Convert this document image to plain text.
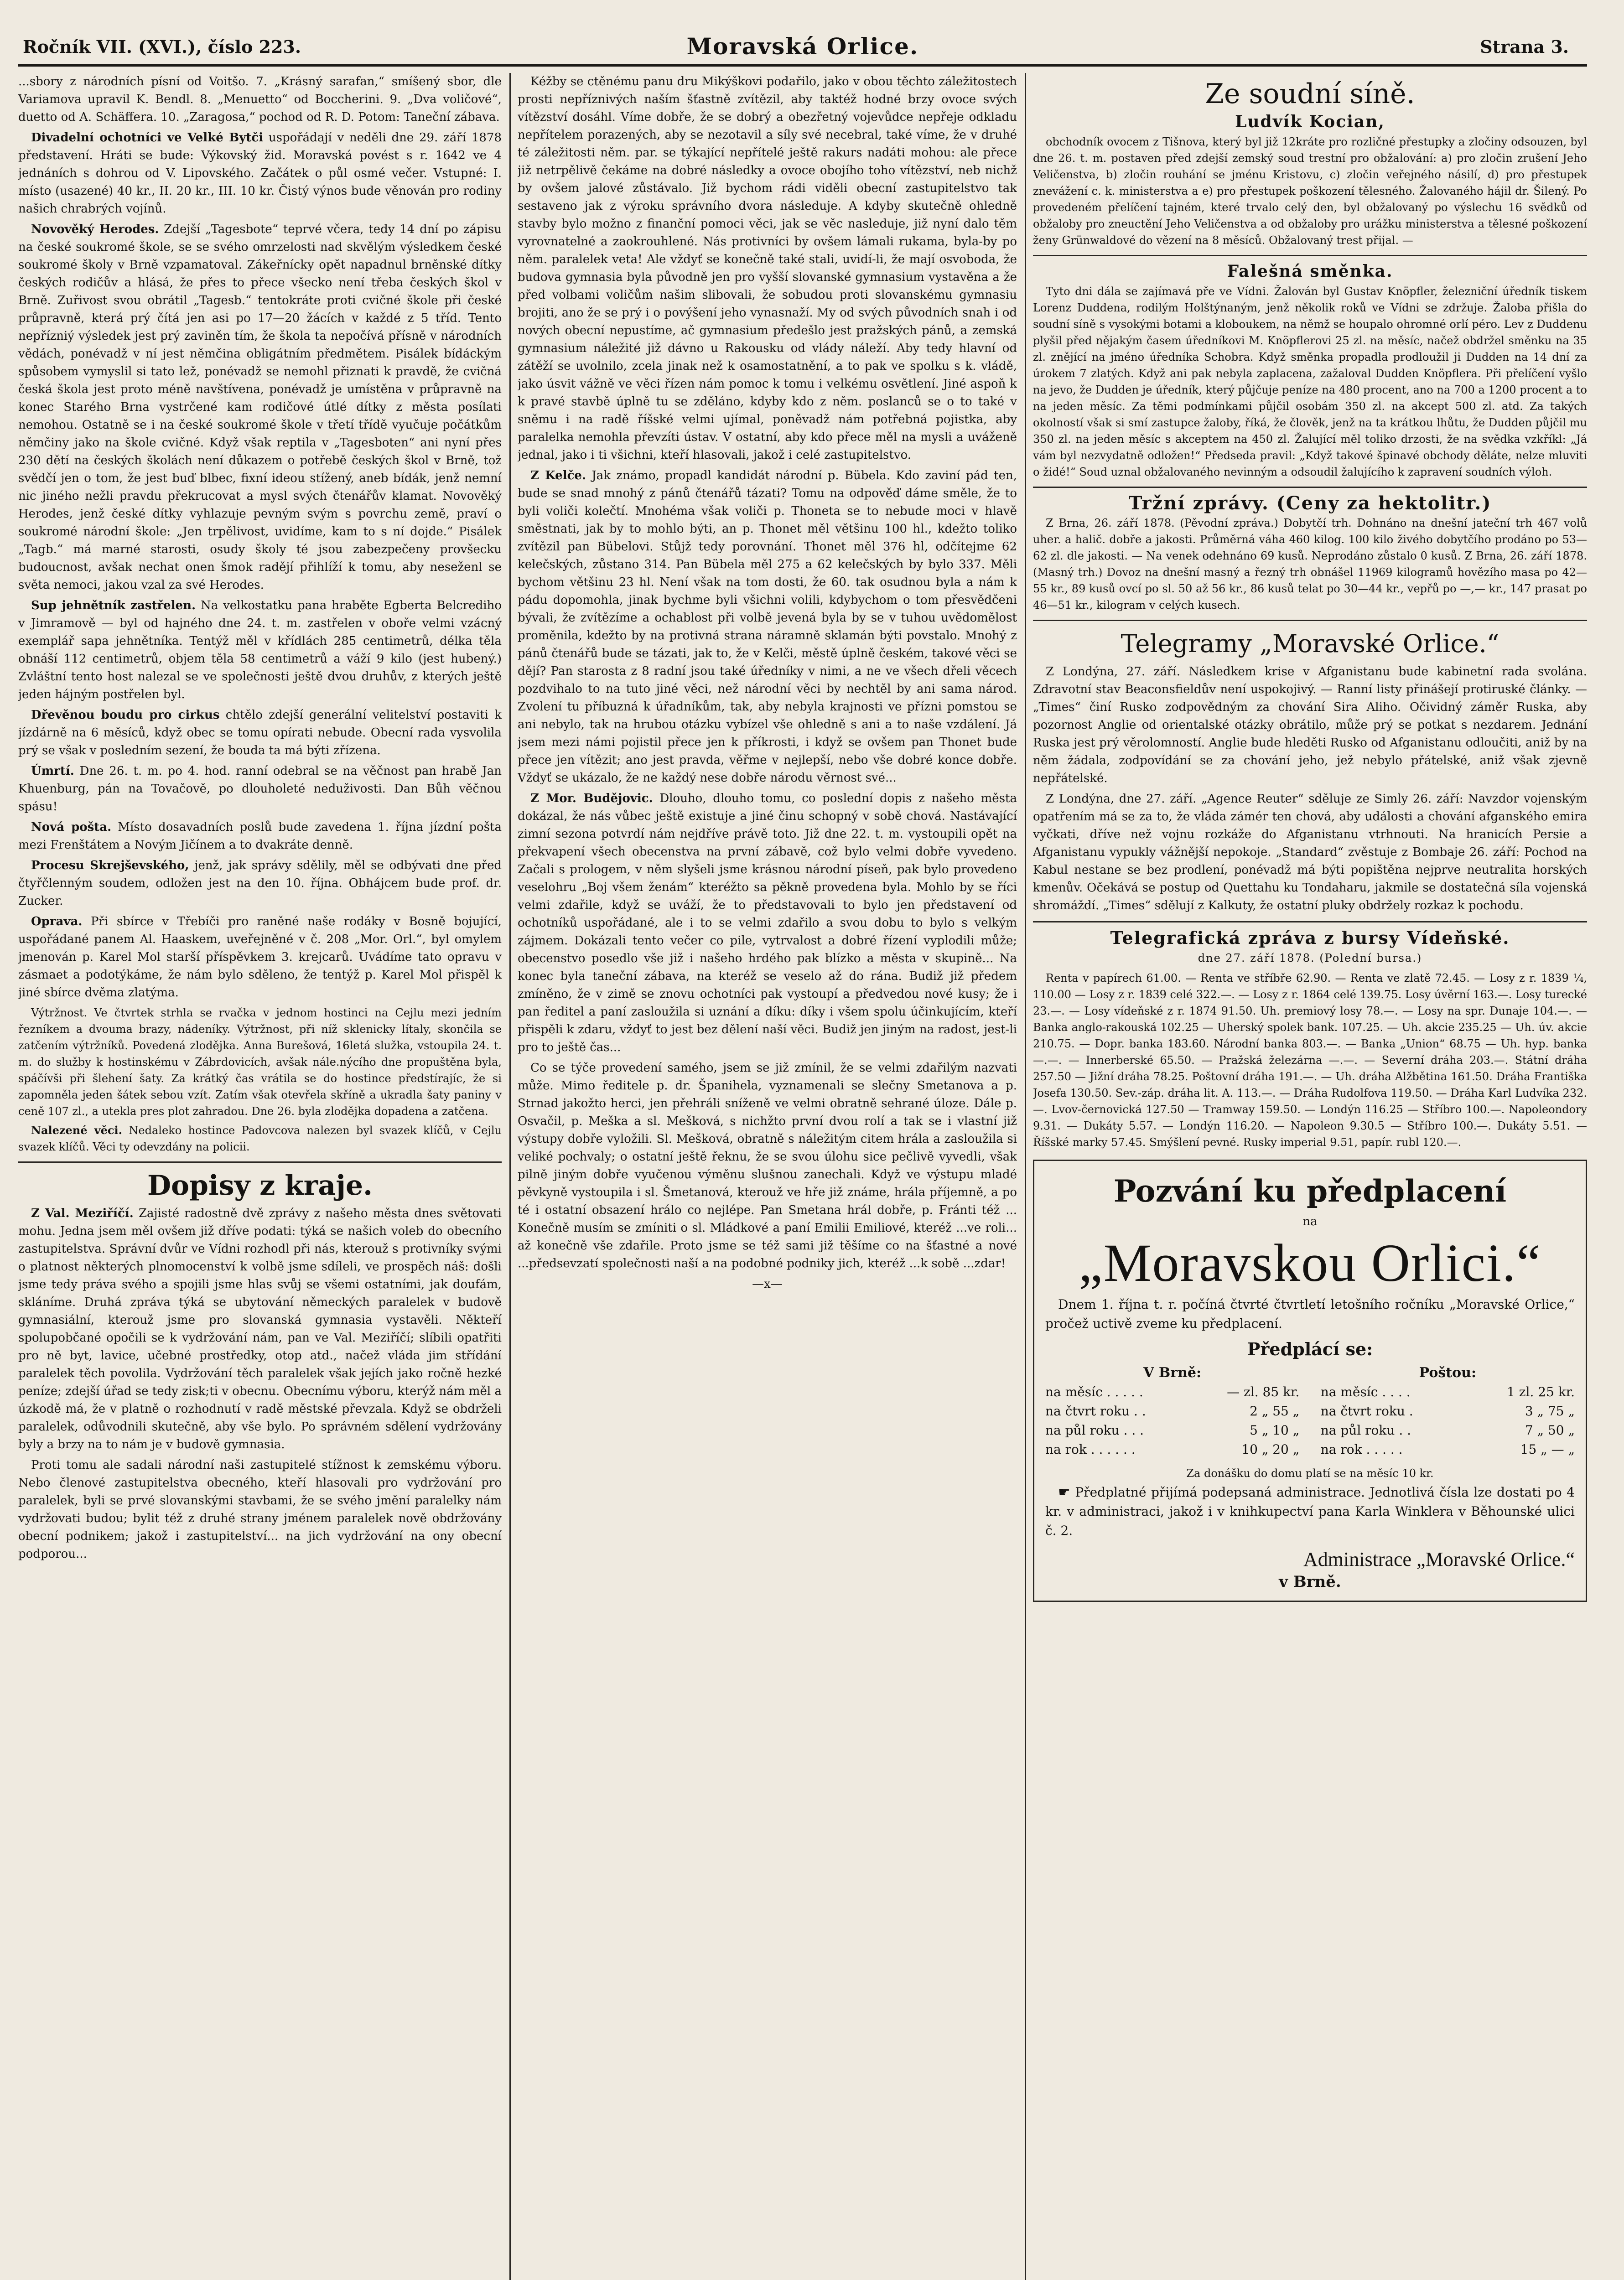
Ročník VII. (XVI.), číslo 223.	Moravská Orlice.	Strana 3.

...sbory z národních písní od Voitšo. 7. „Krásný sarafan,“ smíšený sbor, dle Variamova upravil K. Bendl. 8. „Menuetto“ od Boccherini. 9. „Dva voličové“, duetto od A. Schäffera. 10. „Zaragosa,“ pochod od R. D. Potom: Taneční zábava.

Divadelní ochotníci ve Velké Bytči uspořádají v neděli dne 29. září 1878 představení. Hráti se bude: Výkovský žid. Moravská povést s r. 1642 ve 4 jednáních s dohrou od V. Lipovského. Začátek o půl osmé večer. Vstupné: I. místo (usazené) 40 kr., II. 20 kr., III. 10 kr. Čistý výnos bude věnován pro rodiny našich chrabrých vojínů.

Novověký Herodes. Zdejší „Tagesbote“ teprvé včera, tedy 14 dní po zápisu na české soukromé škole, se se svého omrzelosti nad skvělým výsledkem české soukromé školy v Brně vzpamatoval. Zákeřnícky opět napadnul brněnské dítky českých rodičův a hlásá, že přes to přece všecko není třeba českých škol v Brně. Zuřivost svou obrátil „Tagesb.“ tentokráte proti cvičné škole při české průpravně, která prý čítá jen asi po 17—20 žácích v každé z 5 tříd. Tento nepřízniý výsledek jest prý zaviněn tím, že škola ta nepočívá přísně v národních vědách, ponévadž v ní jest němčina obligátním předmětem. Pisálek bídáckým spůsobem vymyslil si tato lež, ponévadž se nemohl přiznati k pravdě, že cvičná česká škola jest proto méně navštívena, ponévadž je umístěna v průpravně na konec Starého Brna vystrčené kam rodičové útlé dítky z města posílati nemohou. Ostatně se i na české soukromé škole v třetí třídě vyučuje počátkům němčiny jako na škole cvičné. Když však reptila v „Tagesboten“ ani nyní přes 230 dětí na českých školách není důkazem o potřebě českých škol v Brně, tož svědčí jen o tom, že jest buď blbec, fixní ideou stížený, aneb bídák, jenž nemní nic jiného nežli pravdu překrucovat a mysl svých čtenářův klamat. Novověký Herodes, jenž české dítky vyhlazuje pevným svým s povrchu země, praví o soukromé národní škole: „Jen trpělivost, uvidíme, kam to s ní dojde.“ Pisálek „Tagb.“ má marné starosti, osudy školy té jsou zabezpečeny provšecku budoucnost, avšak nechat onen šmok radějí přihlíží k tomu, aby neseženl se světa nemoci, jakou vzal za své Herodes.

Sup jehnětník zastřelen. Na velkostatku pana hraběte Egberta Belcrediho v Jimramově — byl od hajného dne 24. t. m. zastřelen v oboře velmi vzácný exemplář sapa jehnětníka. Tentýž měl v křídlách 285 centimetrů, délka těla obnáší 112 centimetrů, objem těla 58 centimetrů a váží 9 kilo (jest hubený.) Zvláštní tento host nalezal se ve společnosti ještě dvou druhův, z kterých ještě jeden hájným postřelen byl.

Dřevěnou boudu pro cirkus chtělo zdejší generální velitelství postaviti k jízdárně na 6 měsíců, když obec se tomu opírati nebude. Obecní rada vysvolila prý se však v posledním sezení, že bouda ta má býti zřízena.

Úmrtí. Dne 26. t. m. po 4. hod. ranní odebral se na věčnost pan hrabě Jan Khuenburg, pán na Tovačově, po dlouholeté neduživosti. Dan Bůh věčnou spásu!

Nová pošta. Místo dosavadních poslů bude zavedena 1. října jízdní pošta mezi Frenštátem a Novým Jičínem a to dvakráte denně.

Procesu Skrejševského, jenž, jak správy sdělily, měl se odbývati dne před čtyřčlenným soudem, odložen jest na den 10. října. Obhájcem bude prof. dr. Zucker.

Oprava. Při sbírce v Třebíči pro raněné naše rodáky v Bosně bojující, uspořádané panem Al. Haaskem, uveřejněné v č. 208 „Mor. Orl.“, byl omylem jmenován p. Karel Mol starší příspěvkem 3. krejcarů. Uvádíme tato opravu v zásmaet a podotýkáme, že nám bylo sděleno, že tentýž p. Karel Mol přispěl k jiné sbírce dvěma zlatýma.

Výtržnost. Ve čtvrtek strhla se rvačka v jednom hostinci na Cejlu mezi jedním řezníkem a dvouma brazy, nádeníky. Výtržnost, při níž sklenicky lítaly, skončila se zatčením výtržníků. Povedená zlodějka. Anna Burešová, 16letá služka, vstoupila 24. t. m. do služby k hostinskému v Zábrdovicích, avšak nále.nýcího dne propuštěna byla, spáčívši při šlehení šaty. Za krátký čas vrátila se do hostince předstírajíc, že si zapomněla jeden šátek sebou vzít. Zatím však otevřela skříně a ukradla šaty paniny v ceně 107 zl., a utekla pres plot zahradou. Dne 26. byla zlodějka dopadena a zatčena.

Nalezené věci. Nedaleko hostince Padovcova nalezen byl svazek klíčů, v Cejlu svazek klíčů. Věci ty odevzdány na policii.

Dopisy z kraje.

Z Val. Meziříčí. Zajisté radostně dvě zprávy z našeho města dnes světovati mohu. Jedna jsem měl ovšem již dříve podati: týká se našich voleb do obecního zastupitelstva. Správní dvůr ve Vídni rozhodl při nás, kterouž s protivníky svými o platnost některých plnomocenství k volbě jsme sdíleli, ve prospěch náš: došli jsme tedy práva svého a spojili jsme hlas svůj se všemi ostatními, jak doufám, skláníme. Druhá zpráva týká se ubytování německých paralelek v budově gymnasiální, kterouž jsme pro slovanská gymnasia vystavěli. Někteří spolupobčané opočili se k vydržování nám, pan ve Val. Meziříčí; slíbili opatřiti pro ně byt, lavice, učebné prostředky, otop atd., načež vláda jim střídání paralelek těch povolila. Vydržování těch paralelek však jejích jako ročně hezké peníze; zdejší úřad se tedy zisk;ti v obecnu. Obecnímu výboru, kterýž nám měl a úzkodě má, že v platně o rozhodnutí v radě městské převzala. Když se obdrželi paralelek, odůvodnili skutečně, aby vše bylo. Po správném sdělení vydržovány byly a brzy na to nám je v budově gymnasia.

Proti tomu ale sadali národní naši zastupitelé stížnost k zemskému výboru. Nebo členové zastupitelstva obecného, kteří hlasovali pro vydržování pro paralelek, byli se prvé slovanskými stavbami, že se svého jmění paralelky nám vydržovati budou; bylit též z druhé strany jménem paralelek nově obdržovány obecní podnikem; jakož i zastupitelství... na jich vydržování na ony obecní podporou...

Kéžby se ctěnému panu dru Mikýškovi podařilo, jako v obou těchto záležitostech prosti nepříznivých naším šťastně zvítězil, aby taktéž hodné brzy ovoce svých vítězství dosáhl. Víme dobře, že se dobrý a obezřetný vojevůdce nepřeje odkladu nepřítelem porazených, aby se nezotavil a síly své necebral, také víme, že v druhé té záležitosti něm. par. se týkající nepřítelé ještě rakurs nadáti mohou: ale přece již netrpělivě čekáme na dobré následky a ovoce obojího toho vítězství, neb nichž by ovšem jalové zůstávalo. Již bychom rádi viděli obecní zastupitelstvo tak sestaveno jak z výroku správního dvora následuje. A kdyby skutečně ohledně stavby bylo možno z finanční pomoci věci, jak se věc nasleduje, již nyní dalo těm vyrovnatelné a zaokrouhlené. Nás protivníci by ovšem lámali rukama, byla-by po něm. paralelek veta! Ale vždyť se konečně také stali, uvidí-li, že mají osvoboda, že budova gymnasia byla původně jen pro vyšší slovanské gymnasium vystavěna a že před volbami voličům našim slibovali, že sobudou proti slovanskému gymnasiu brojiti, ano že se prý i o povýšení jeho vynasnaží. My od svých původních snah i od nových obecní nepustíme, ač gymnasium předešlo jest pražských pánů, a zemská gymnasium náležité již dávno u Rakousku od vlády náleží. Aby tedy hlavní od zátěží se uvolnilo, zcela jinak než k osamostatnění, a to pak ve spolku s k. vládě, jako úsvit vážně ve věci řízen nám pomoc k tomu i velkému osvětlení. Jiné aspoň k k pravé stavbě úplně tu se zděláno, kdyby kdo z něm. poslanců se o to také v sněmu i na radě říšské velmi ujímal, poněvadž nám potřebná pojistka, aby paralelka nemohla převzíti ústav. V ostatní, aby kdo přece měl na mysli a uváženě jednal, jako i ti všichni, kteří hlasovali, jakož i celé zastupitelstvo.

Z Kelče. Jak známo, propadl kandidát národní p. Bübela. Kdo zaviní pád ten, bude se snad mnohý z pánů čtenářů tázati? Tomu na odpověď dáme směle, že to byli voliči kolečtí. Mnohéma však voliči p. Thoneta se to nebude moci v hlavě směstnati, jak by to mohlo býti, an p. Thonet měl většinu 100 hl., kdežto toliko zvítězil pan Bübelovi. Stůjž tedy porovnání. Thonet měl 376 hl, odčítejme 62 kelečských, zůstano 314. Pan Bübela měl 275 a 62 kelečských by bylo 337. Měli bychom většinu 23 hl. Není však na tom dosti, že 60. tak osudnou byla a nám k pádu dopomohla, jinak bychme byli všichni volili, kdybychom o tom přesvědčeni bývali, že zvítězíme a ochablost při volbě jevená byla by se v tuhou uvědomělost proměnila, kdežto by na protivná strana náramně sklamán býti povstalo. Mnohý z pánů čtenářů bude se tázati, jak to, že v Kelči, městě úplně českém, takové věci se dějí? Pan starosta z 8 radní jsou také úředníky v nimi, a ne ve všech dřeli věcech pozdvihalo to na tuto jiné věci, než národní věci by nechtěl by ani sama národ. Zvolení tu příbuzná k úřadníkům, tak, aby nebyla krajnosti ve přízni pomstou se ani nebylo, tak na hrubou otázku vybízel vše ohledně s ani a to naše vzdálení. Já jsem mezi námi pojistil přece jen k příkrosti, i když se ovšem pan Thonet bude přece jen vítězit; ano jest pravda, věřme v nejlepší, nebo vše dobré konce dobře. Vždyť se ukázalo, že ne každý nese dobře národu věrnost své...

Z Mor. Budějovic. Dlouho, dlouho tomu, co poslední dopis z našeho města dokázal, že nás vůbec ještě existuje a jiné činu schopný v sobě chová. Nastávající zimní sezona potvrdí nám nejdříve právě toto. Již dne 22. t. m. vystoupili opět na překvapení všech obecenstva na první zábavě, což bylo velmi dobře vyvedeno. Začali s prologem, v něm slyšeli jsme krásnou národní píseň, pak bylo provedeno veselohru „Boj všem ženám“ kteréžto sa pěkně provedena byla. Mohlo by se říci velmi zdařile, když se uváží, že to představovali to bylo jen představení od ochotníků uspořádané, ale i to se velmi zdařilo a svou dobu to bylo s velkým zájmem. Dokázali tento večer co pile, vytrvalost a dobré řízení vyplodili může; obecenstvo posedlo vše již i našeho hrdého pak blízko a města v skupině... Na konec byla taneční zábava, na kteréž se veselo až do rána. Budiž již předem zmíněno, že v zimě se znovu ochotníci pak vystoupí a předvedou nové kusy; že i pan ředitel a paní zasloužila si uznání a díku: díky i všem spolu účinkujícím, kteří přispěli k zdaru, vždyť to jest bez dělení naší věci. Budiž jen jiným na radost, jest-li pro to ještě čas...

Co se týče provedení samého, jsem se již zmínil, že se velmi zdařilým nazvati může. Mimo ředitele p. dr. Španihela, vyznamenali se slečny Smetanova a p. Strnad jakožto herci, jen přehráli sníženě ve velmi obratně sehrané úloze. Dále p. Osvačil, p. Meška a sl. Mešková, s nichžto první dvou rolí a tak se i vlastní již výstupy dobře vyložili. Sl. Mešková, obratně s náležitým citem hrála a zasloužila si veliké pochvaly; o ostatní ještě řeknu, že se svou úlohu sice pečlivě vyvedli, však pilně jiným dobře vyučenou výměnu slušnou zanechali. Když ve výstupu mladé pěvkyně vystoupila i sl. Šmetanová, kterouž ve hře již známe, hrála příjemně, a po té i ostatní obsazení hrálo co nejlépe. Pan Smetana hrál dobře, p. Fránti též ... Konečně musím se zmíniti o sl. Mládkové a paní Emilii Emiliové, kteréž ...ve roli... až konečně vše zdařile. Proto jsme se též sami již těšíme co na šťastné a nové ...předsevzatí společnosti naší a na podobné podniky jich, kteréž ...k sobě ...zdar!

—x—

Ze soudní síně.
Ludvík Kocian,

obchodník ovocem z Tišnova, který byl již 12kráte pro rozličné přestupky a zločiny odsouzen, byl dne 26. t. m. postaven před zdejší zemský soud trestní pro obžalování: a) pro zločin zrušení Jeho Veličenstva, b) zločin rouhání se jménu Kristovu, c) zločin veřejného násilí, d) pro přestupek znevážení c. k. ministerstva a e) pro přestupek poškození tělesného. Žalovaného hájil dr. Šilený. Po provedeném přelíčení tajném, které trvalo celý den, byl obžalovaný po výslechu 16 svědků od obžaloby pro zneuctění Jeho Veličenstva a od obžaloby pro urážku ministerstva a tělesné poškození ženy Grünwaldové do vězení na 8 měsíců. Obžalovaný trest přijal. —

Falešná směnka.

Tyto dni dála se zajímavá pře ve Vídni. Žalován byl Gustav Knöpfler, železniční úředník tiskem Lorenz Duddena, rodilým Holštýnaným, jenž několik roků ve Vídni se zdržuje. Žaloba přišla do soudní síně s vysokými botami a kloboukem, na němž se houpalo ohromné orlí péro. Lev z Duddenu plyšil před nějakým časem úředníkovi M. Knöpflerovi 25 zl. na měsíc, načež obdržel směnku na 35 zl. znějící na jméno úředníka Schobra. Když směnka propadla prodloužil ji Dudden na 14 dní za úrokem 7 zlatých. Když ani pak nebyla zaplacena, zažaloval Dudden Knöpflera. Při přelíčení vyšlo na jevo, že Dudden je úředník, který půjčuje peníze na 480 procent, ano na 700 a 1200 procent a to na jeden měsíc. Za těmi podmínkami půjčil osobám 350 zl. na akcept 500 zl. atd. Za takých okolností však si smí zastupce žaloby, říká, že člověk, jenž na ta krátkou lhůtu, že Dudden půjčil mu 350 zl. na jeden měsíc s akceptem na 450 zl. Žalující měl toliko drzosti, že na svědka vzkříkl: „Já vám byl nezvydatně odložen!“ Předseda pravil: „Když takové špinavé obchody děláte, nelze mluviti o židé!“ Soud uznal obžalovaného nevinným a odsoudil žalujícího k zapravení soudních výloh.

Tržní zprávy. (Ceny za hektolitr.)

Z Brna, 26. září 1878. (Pěvodní zpráva.) Dobytčí trh. Dohnáno na dnešní jateční trh 467 volů uher. a halič. dobře a jakosti. Průměrná váha 460 kilog. 100 kilo živého dobytčího prodáno po 53—62 zl. dle jakosti. — Na venek odehnáno 69 kusů. Neprodáno zůstalo 0 kusů. Z Brna, 26. září 1878. (Masný trh.) Dovoz na dnešní masný a řezný trh obnášel 11969 kilogramů hovězího masa po 42—55 kr., 89 kusů ovcí po sl. 50 až 56 kr., 86 kusů telat po 30—44 kr., vepřů po —,— kr., 147 prasat po 46—51 kr., kilogram v celých kusech.

Telegramy „Moravské Orlice.“

Z Londýna, 27. září. Následkem krise v Afganistanu bude kabinetní rada svolána. Zdravotní stav Beaconsfieldův není uspokojivý. — Ranní listy přinášejí protiruské články. — „Times“ činí Rusko zodpovědným za chování Sira Aliho. Očividný záměr Ruska, aby pozornost Anglie od orientalské otázky obrátilo, může prý se potkat s nezdarem. Jednání Ruska jest prý věrolomností. Anglie bude hleděti Rusko od Afganistanu odloučiti, aniž by na něm žádala, zodpovídání se za chování jeho, jež nebylo přátelské, aniž však zjevně nepřátelské.

Z Londýna, dne 27. září. „Agence Reuter“ sděluje ze Simly 26. září: Navzdor vojenským opatřením má se za to, že vláda zámér ten chová, aby události a chování afganského emira vyčkati, dříve než vojnu rozkáže do Afganistanu vtrhnouti. Na hranicích Persie a Afganistanu vypukly vážnější nepokoje. „Standard“ zvěstuje z Bombaje 26. září: Pochod na Kabul nestane se bez prodlení, ponévadž má býti popištěna nejprve neutralita horských kmenův. Očekává se postup od Quettahu ku Tondaharu, jakmile se dostatečná síla vojenská shromáždí. „Times“ sdělují z Kalkuty, že ostatní pluky obdržely rozkaz k pochodu.

Telegrafická zpráva z bursy Vídeňské.
dne 27. září 1878. (Polední bursa.)

Renta v papírech 61.00. — Renta ve stříbře 62.90. — Renta ve zlatě 72.45. — Losy z r. 1839 ¼, 110.00 — Losy z r. 1839 celé 322.—. — Losy z r. 1864 celé 139.75. Losy úvěrní 163.—. Losy turecké 23.—. — Losy vídeňské z r. 1874 91.50. Uh. premiový losy 78.—. — Losy na spr. Dunaje 104.—. — Banka anglo-rakouská 102.25 — Uherský spolek bank. 107.25. — Uh. akcie 235.25 — Uh. úv. akcie 210.75. — Dopr. banka 183.60. Národní banka 803.—. — Banka „Union“ 68.75 — Uh. hyp. banka —.—. — Innerberské 65.50. — Pražská železárna —.—. — Severní dráha 203.—. Státní dráha 257.50 — Jižní dráha 78.25. Poštovní dráha 191.—. — Uh. dráha Alžbětina 161.50. Dráha Františka Josefa 130.50. Sev.-záp. dráha lit. A. 113.—. — Dráha Rudolfova 119.50. — Dráha Karl Ludvíka 232.—. Lvov-černovická 127.50 — Tramway 159.50. — Londýn 116.25 — Stříbro 100.—. Napoleondory 9.31. — Dukáty 5.57. — Londýn 116.20. — Napoleon 9.30.5 — Stříbro 100.—. Dukáty 5.51. — Říšské marky 57.45. Smýšlení pevné. Rusky imperial 9.51, papír. rubl 120.—.

Pozvání ku předplacení
na
„Moravskou Orlici.“

Dnem 1. října t. r. počíná čtvrté čtvrtletí letošního ročníku „Moravské Orlice,“ pročež uctivě zveme ku předplacení.

Předplácí se:
V Brně:
na měsíc . . . . .	— zl. 85 kr.
na čtvrt roku . .	2 „ 55 „
na půl roku . . .	5 „ 10 „
na rok . . . . . .	10 „ 20 „
Poštou:
na měsíc . . . .	1 zl. 25 kr.
na čtvrt roku .	3 „ 75 „
na půl roku . .	7 „ 50 „
na rok . . . . .	15 „ — „
Za donášku do domu platí se na měsíc 10 kr.

☛ Předplatné přijímá podepsaná administrace. Jednotlivá čísla lze dostati po 4 kr. v administraci, jakož i v knihkupectví pana Karla Winklera v Běhounské ulici č. 2.

Administrace „Moravské Orlice.“
v Brně.
